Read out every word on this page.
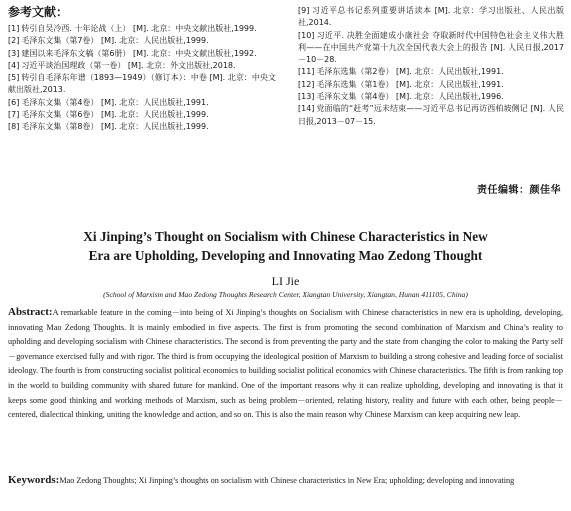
参考文献：

[1] 转引自吴冷西. 十年论战（上） [M]. 北京：中央文献出版社,1999.

[2] 毛泽东文集（第7卷） [M]. 北京：人民出版社,1999.

[3] 建国以来毛泽东文稿（第6册） [M]. 北京：中央文献出版社,1992.

[4] 习近平谈治国理政（第一卷） [M]. 北京：外文出版社,2018.

[5] 转引自毛泽东年谱（1893—1949）（修订本）：中卷 [M]. 北京：中央文献出版社,2013.

[6] 毛泽东文集（第4卷） [M]. 北京：人民出版社,1991.

[7] 毛泽东文集（第6卷） [M]. 北京：人民出版社,1999.

[8] 毛泽东文集（第8卷） [M]. 北京：人民出版社,1999.

[9] 习近平总书记系列重要讲话读本 [M]. 北京：学习出版社、人民出版社,2014.

[10] 习近平. 决胜全面建成小康社会 夺取新时代中国特色社会主义伟大胜利——在中国共产党第十九次全国代表大会上的报告 [N]. 人民日报,2017－10－28.

[11] 毛泽东选集（第2卷） [M]. 北京：人民出版社,1991.

[12] 毛泽东选集（第1卷） [M]. 北京：人民出版社,1991.

[13] 毛泽东文集（第4卷） [M]. 北京：人民出版社,1996.

[14] 党面临的“赶考”远未结束——习近平总书记再访西柏坡侧记 [N]. 人民日报,2013－07－15.

责任编辑：颜佳华
Xi Jinping’s Thought on Socialism with Chinese Characteristics in New
Era are Upholding, Developing and Innovating Mao Zedong Thought
LI Jie
(School of Marxism and Mao Zedong Thoughts Research Center, Xiangtan University, Xiangtan, Hunan 411105, China)

Abstract:A remarkable feature in the coming－into being of Xi Jinping’s thoughts on Socialism with Chinese characteristics in new era is upholding, developing, innovating Mao Zedong Thoughts. It is mainly embodied in five aspects. The first is from promoting the second combination of Marxism and China’s reality to upholding and developing socialism with Chinese characteristics. The second is from preventing the party and the state from changing the color to making the Party self－governance exercised fully and with rigor. The third is from occupying the ideological position of Marxism to building a strong cohesive and leading force of socialist ideology. The fourth is from constructing socialist political economics to building socialist political economics with Chinese characteristics. The fifth is from ranking top in the world to building community with shared future for mankind. One of the important reasons why it can realize upholding, developing and innovating is that it keeps some good thinking and working methods of Marxism, such as being problem－oriented, relating history, reality and future with each other, being people－centered, dialectical thinking, uniting the knowledge and action, and so on. This is also the main reason why Chinese Marxism can keep acquiring new leap.

Keywords:Mao Zedong Thoughts; Xi Jinping’s thoughts on socialism with Chinese characteristics in New Era; upholding; developing and innovating
